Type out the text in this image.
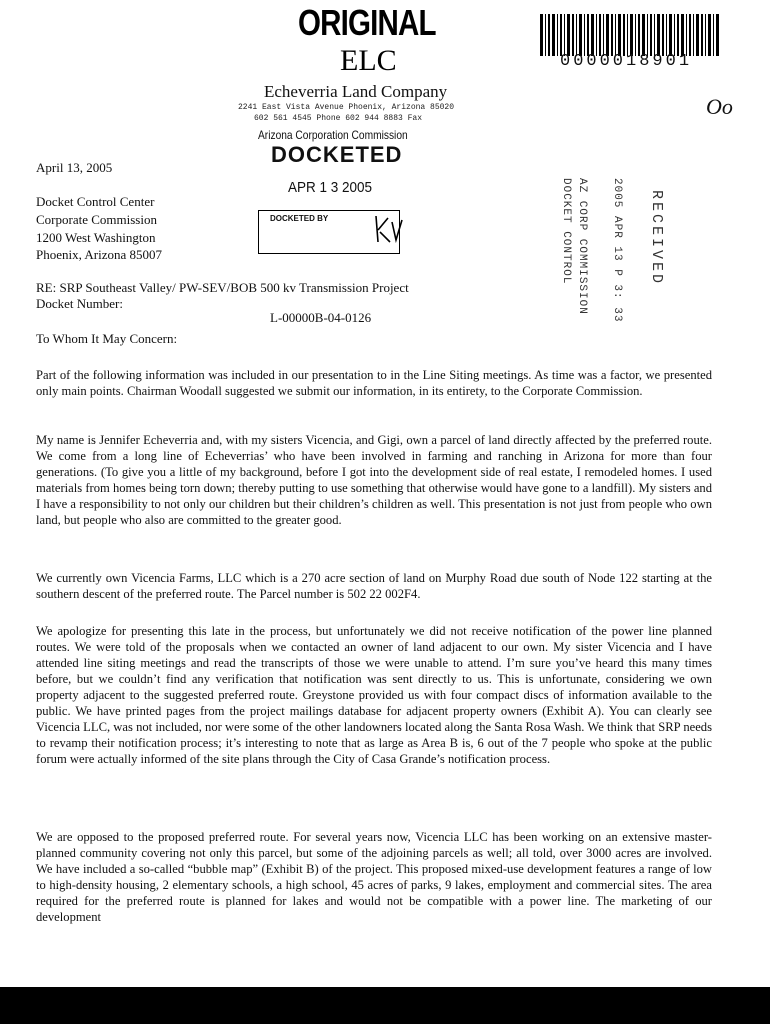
ORIGINAL
ELC
Echeverria Land Company
2241 East Vista Avenue Phoenix, Arizona 85020
602 561 4545 Phone 602 944 8883 Fax
0000018901
Oo
Arizona Corporation Commission
DOCKETED
APR 1 3 2005
DOCKETED BY	DOCKET CONTROL AZ CORP COMMISSION 2005 APR 13 P 3: 33 RECEIVED
April 13, 2005
Docket Control Center
Corporate Commission
1200 West Washington
Phoenix, Arizona 85007
RE: SRP Southeast Valley/ PW-SEV/BOB 500 kv Transmission Project
Docket Number:
L-00000B-04-0126
To Whom It May Concern:
Part of the following information was included in our presentation to in the Line Siting meetings. As time was a factor, we presented only main points. Chairman Woodall suggested we submit our information, in its entirety, to the Corporate Commission.
My name is Jennifer Echeverria and, with my sisters Vicencia, and Gigi, own a parcel of land directly affected by the preferred route. We come from a long line of Echeverrias’ who have been involved in farming and ranching in Arizona for more than four generations. (To give you a little of my background, before I got into the development side of real estate, I remodeled homes. I used materials from homes being torn down; thereby putting to use something that otherwise would have gone to a landfill). My sisters and I have a responsibility to not only our children but their children’s children as well. This presentation is not just from people who own land, but people who also are committed to the greater good.
We currently own Vicencia Farms, LLC which is a 270 acre section of land on Murphy Road due south of Node 122 starting at the southern descent of the preferred route. The Parcel number is 502 22 002F4.
We apologize for presenting this late in the process, but unfortunately we did not receive notification of the power line planned routes. We were told of the proposals when we contacted an owner of land adjacent to our own. My sister Vicencia and I have attended line siting meetings and read the transcripts of those we were unable to attend. I’m sure you’ve heard this many times before, but we couldn’t find any verification that notification was sent directly to us. This is unfortunate, considering we own property adjacent to the suggested preferred route. Greystone provided us with four compact discs of information available to the public. We have printed pages from the project mailings database for adjacent property owners (Exhibit A). You can clearly see Vicencia LLC, was not included, nor were some of the other landowners located along the Santa Rosa Wash. We think that SRP needs to revamp their notification process; it’s interesting to note that as large as Area B is, 6 out of the 7 people who spoke at the public forum were actually informed of the site plans through the City of Casa Grande’s notification process.
We are opposed to the proposed preferred route. For several years now, Vicencia LLC has been working on an extensive master-planned community covering not only this parcel, but some of the adjoining parcels as well; all told, over 3000 acres are involved. We have included a so-called “bubble map” (Exhibit B) of the project. This proposed mixed-use development features a range of low to high-density housing, 2 elementary schools, a high school, 45 acres of parks, 9 lakes, employment and commercial sites. The area required for the preferred route is planned for lakes and would not be compatible with a power line. The marketing of our development
